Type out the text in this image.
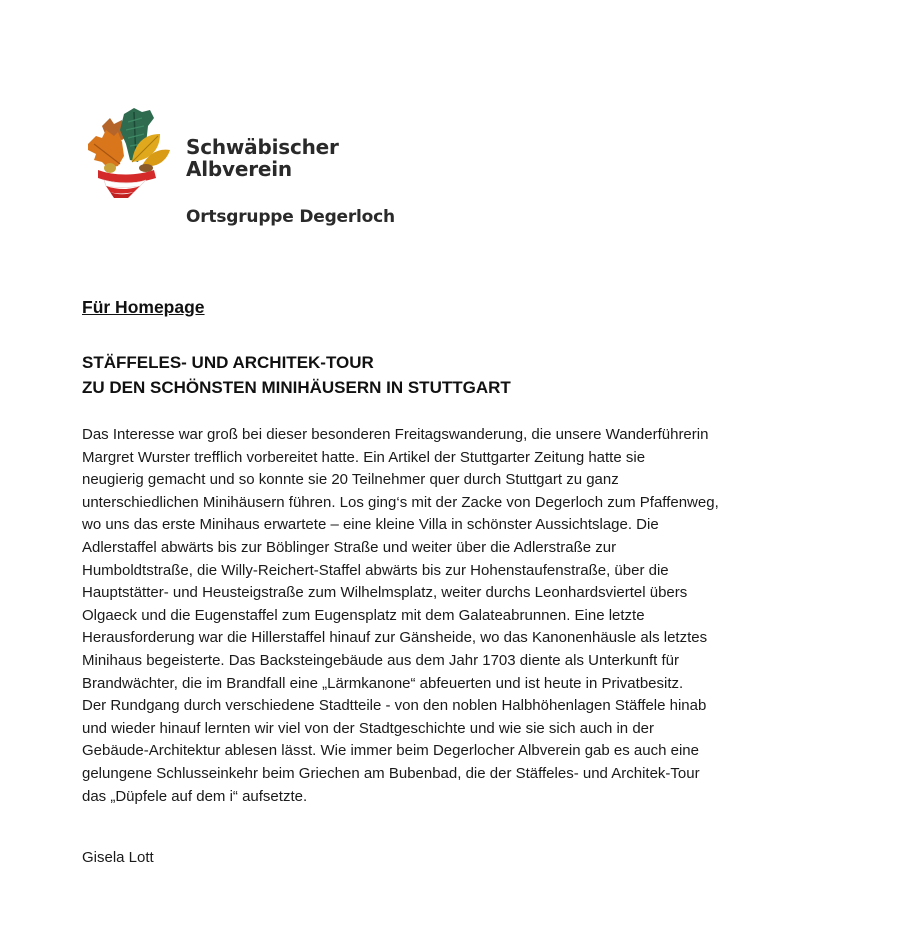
Schwäbischer
Albverein
Ortsgruppe Degerloch
Für Homepage
STÄFFELES- UND ARCHITEK-TOUR
ZU DEN SCHÖNSTEN MINIHÄUSERN IN STUTTGART
Das Interesse war groß bei dieser besonderen Freitagswanderung, die unsere Wanderführerin
Margret Wurster trefflich vorbereitet hatte. Ein Artikel der Stuttgarter Zeitung hatte sie
neugierig gemacht und so konnte sie 20 Teilnehmer quer durch Stuttgart zu ganz
unterschiedlichen Minihäusern führen. Los ging‘s mit der Zacke von Degerloch zum Pfaffenweg,
wo uns das erste Minihaus erwartete – eine kleine Villa in schönster Aussichtslage. Die
Adlerstaffel abwärts bis zur Böblinger Straße und weiter über die Adlerstraße zur
Humboldtstraße, die Willy-Reichert-Staffel abwärts bis zur Hohenstaufenstraße, über die
Hauptstätter- und Heusteigstraße zum Wilhelmsplatz, weiter durchs Leonhardsviertel übers
Olgaeck und die Eugenstaffel zum Eugensplatz mit dem Galateabrunnen. Eine letzte
Herausforderung war die Hillerstaffel hinauf zur Gänsheide, wo das Kanonenhäusle als letztes
Minihaus begeisterte. Das Backsteingebäude aus dem Jahr 1703 diente als Unterkunft für
Brandwächter, die im Brandfall eine „Lärmkanone“ abfeuerten und ist heute in Privatbesitz.
Der Rundgang durch verschiedene Stadtteile - von den noblen Halbhöhenlagen Stäffele hinab
und wieder hinauf lernten wir viel von der Stadtgeschichte und wie sie sich auch in der
Gebäude-Architektur ablesen lässt. Wie immer beim Degerlocher Albverein gab es auch eine
gelungene Schlusseinkehr beim Griechen am Bubenbad, die der Stäffeles- und Architek-Tour
das „Düpfele auf dem i“ aufsetzte.
Gisela Lott
